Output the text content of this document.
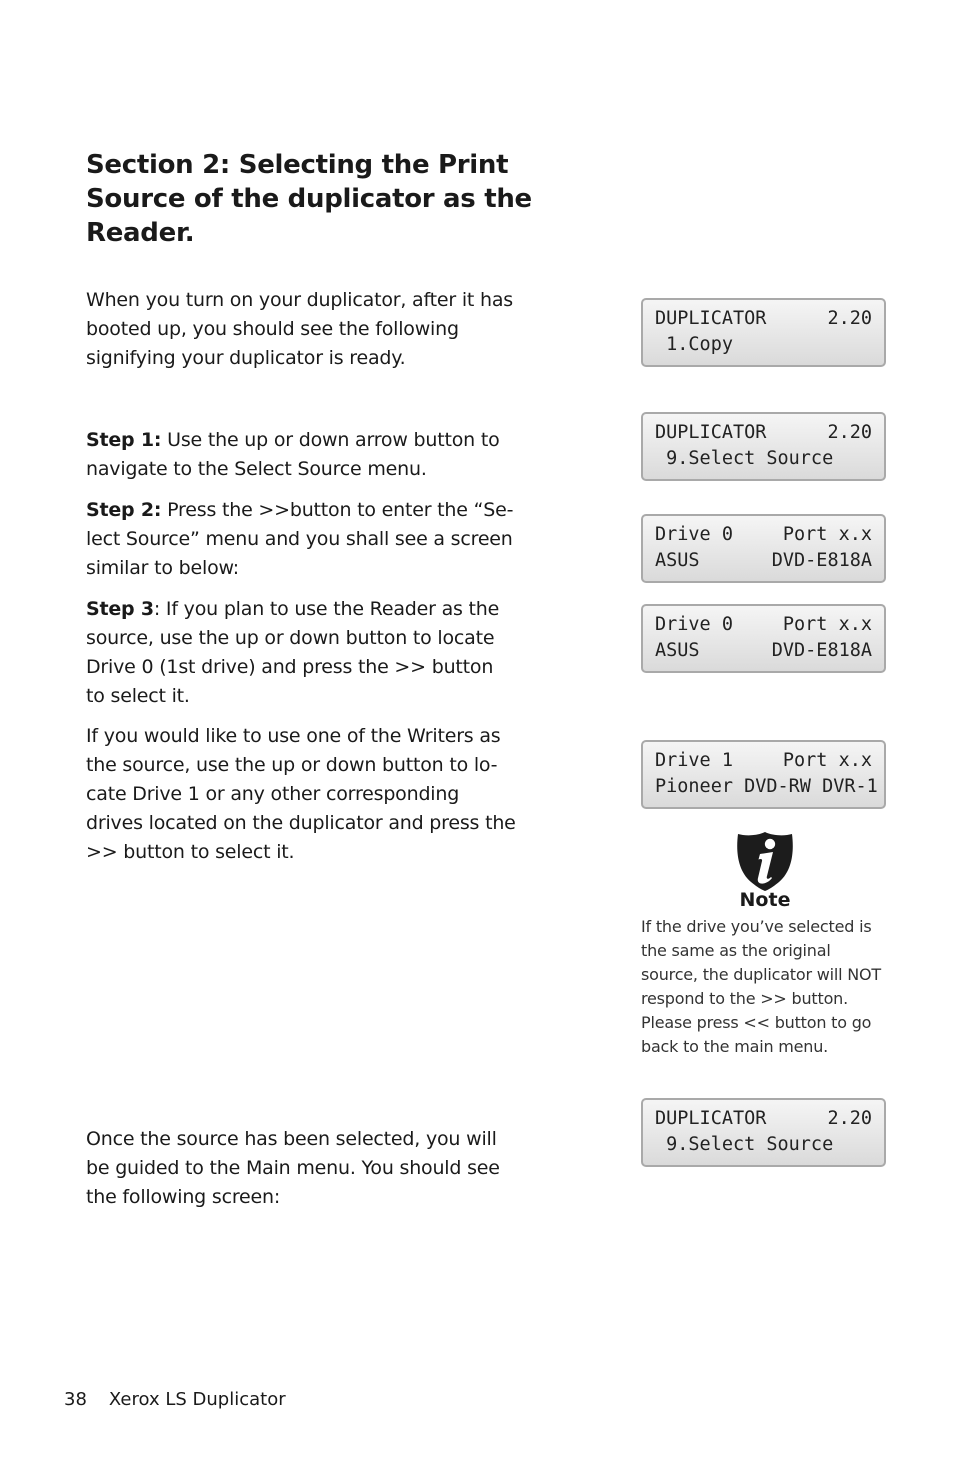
Section 2: Selecting the Print
Source of the duplicator as the
Reader.

When you turn on your duplicator, after it has booted up, you should see the following signifying your duplicator is ready.

Step 1: Use the up or down arrow button to navigate to the Select Source menu.

Step 2: Press the >>button to enter the “Se- lect Source” menu and you shall see a screen similar to below:

Step 3: If you plan to use the Reader as the source, use the up or down button to locate Drive 0 (1st drive) and press the >> button to select it.

If you would like to use one of the Writers as the source, use the up or down button to lo- cate Drive 1 or any other corresponding drives located on the duplicator and press the >> button to select it.

Once the source has been selected, you will be guided to the Main menu. You should see the following screen:

DUPLICATOR	2.20
1.Copy
DUPLICATOR	2.20
9.Select Source
Drive 0	Port x.x
ASUS	DVD-E818A
Drive 0	Port x.x
ASUS	DVD-E818A
Drive 1	Port x.x
Pioneer DVD-RW DVR-1
DUPLICATOR	2.20
9.Select Source
Note

If the drive you’ve selected is the same as the original source, the duplicator will NOT respond to the >> button. Please press << button to go back to the main menu.

38 Xerox LS Duplicator
